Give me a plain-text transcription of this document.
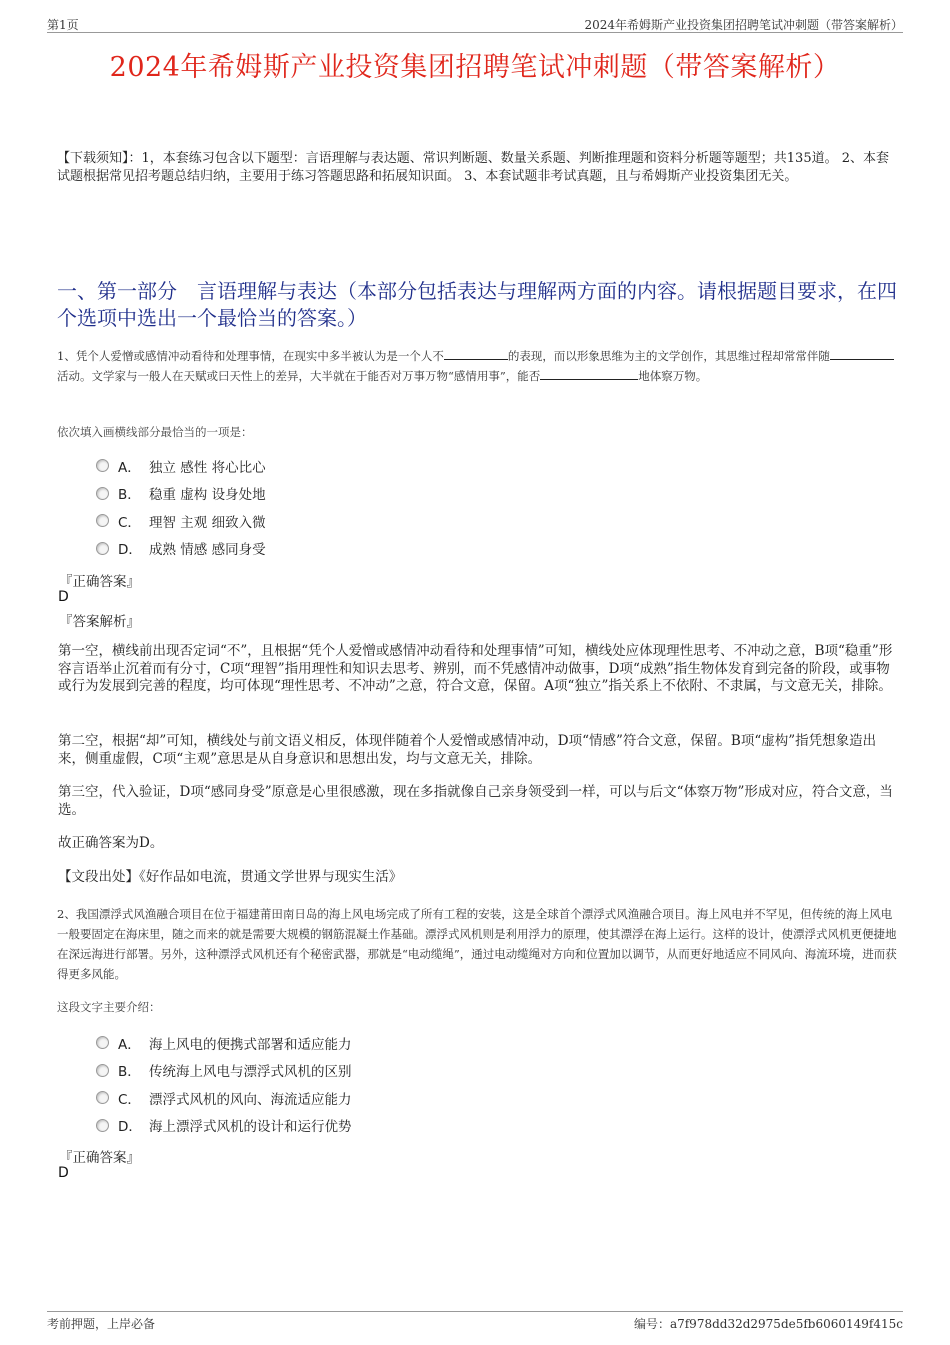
第1页	2024年希姆斯产业投资集团招聘笔试冲刺题（带答案解析）
2024年希姆斯产业投资集团招聘笔试冲刺题（带答案解析）
【下载须知】：1，本套练习包含以下题型：言语理解与表达题、常识判断题、数量关系题、判断推理题和资料分析题等题型；共135道。 2、本套试题根据常见招考题总结归纳，主要用于练习答题思路和拓展知识面。 3、本套试题非考试真题，且与希姆斯产业投资集团无关。
一、第一部分　言语理解与表达（本部分包括表达与理解两方面的内容。请根据题目要求，在四个选项中选出一个最恰当的答案。）
1、凭个人爱憎或感情冲动看待和处理事情，在现实中多半被认为是一个人不	的表现，而以形象思维为主的文学创作，其思维过程却常常伴随活动。文学家与一般人在天赋或曰天性上的差异，大半就在于能否对万事万物“感情用事”，能否	地体察万物。
依次填入画横线部分最恰当的一项是：
A． 独立 感性 将心比心
B． 稳重 虚构 设身处地
C． 理智 主观 细致入微
D． 成熟 情感 感同身受
『正确答案』
D
『答案解析』
第一空，横线前出现否定词“不”，且根据“凭个人爱憎或感情冲动看待和处理事情”可知，横线处应体现理性思考、不冲动之意，B项“稳重”形容言语举止沉着而有分寸，C项“理智”指用理性和知识去思考、辨别，而不凭感情冲动做事，D项“成熟”指生物体发育到完备的阶段，或事物或行为发展到完善的程度，均可体现“理性思考、不冲动”之意，符合文意，保留。A项“独立”指关系上不依附、不隶属，与文意无关，排除。
第二空，根据“却”可知，横线处与前文语义相反，体现伴随着个人爱憎或感情冲动，D项“情感”符合文意，保留。B项“虚构”指凭想象造出来，侧重虚假，C项“主观”意思是从自身意识和思想出发，均与文意无关，排除。
第三空，代入验证，D项“感同身受”原意是心里很感激，现在多指就像自己亲身领受到一样，可以与后文“体察万物”形成对应，符合文意，当选。
故正确答案为D。
【文段出处】《好作品如电流，贯通文学世界与现实生活》
2、我国漂浮式风渔融合项目在位于福建莆田南日岛的海上风电场完成了所有工程的安装，这是全球首个漂浮式风渔融合项目。海上风电并不罕见，但传统的海上风电一般要固定在海床里，随之而来的就是需要大规模的钢筋混凝土作基础。漂浮式风机则是利用浮力的原理，使其漂浮在海上运行。这样的设计，使漂浮式风机更便捷地在深远海进行部署。另外，这种漂浮式风机还有个秘密武器，那就是“电动缆绳”，通过电动缆绳对方向和位置加以调节，从而更好地适应不同风向、海流环境，进而获得更多风能。
这段文字主要介绍：
A． 海上风电的便携式部署和适应能力
B． 传统海上风电与漂浮式风机的区别
C． 漂浮式风机的风向、海流适应能力
D． 海上漂浮式风机的设计和运行优势
『正确答案』
D
考前押题，上岸必备	编号：a7f978dd32d2975de5fb6060149f415c
